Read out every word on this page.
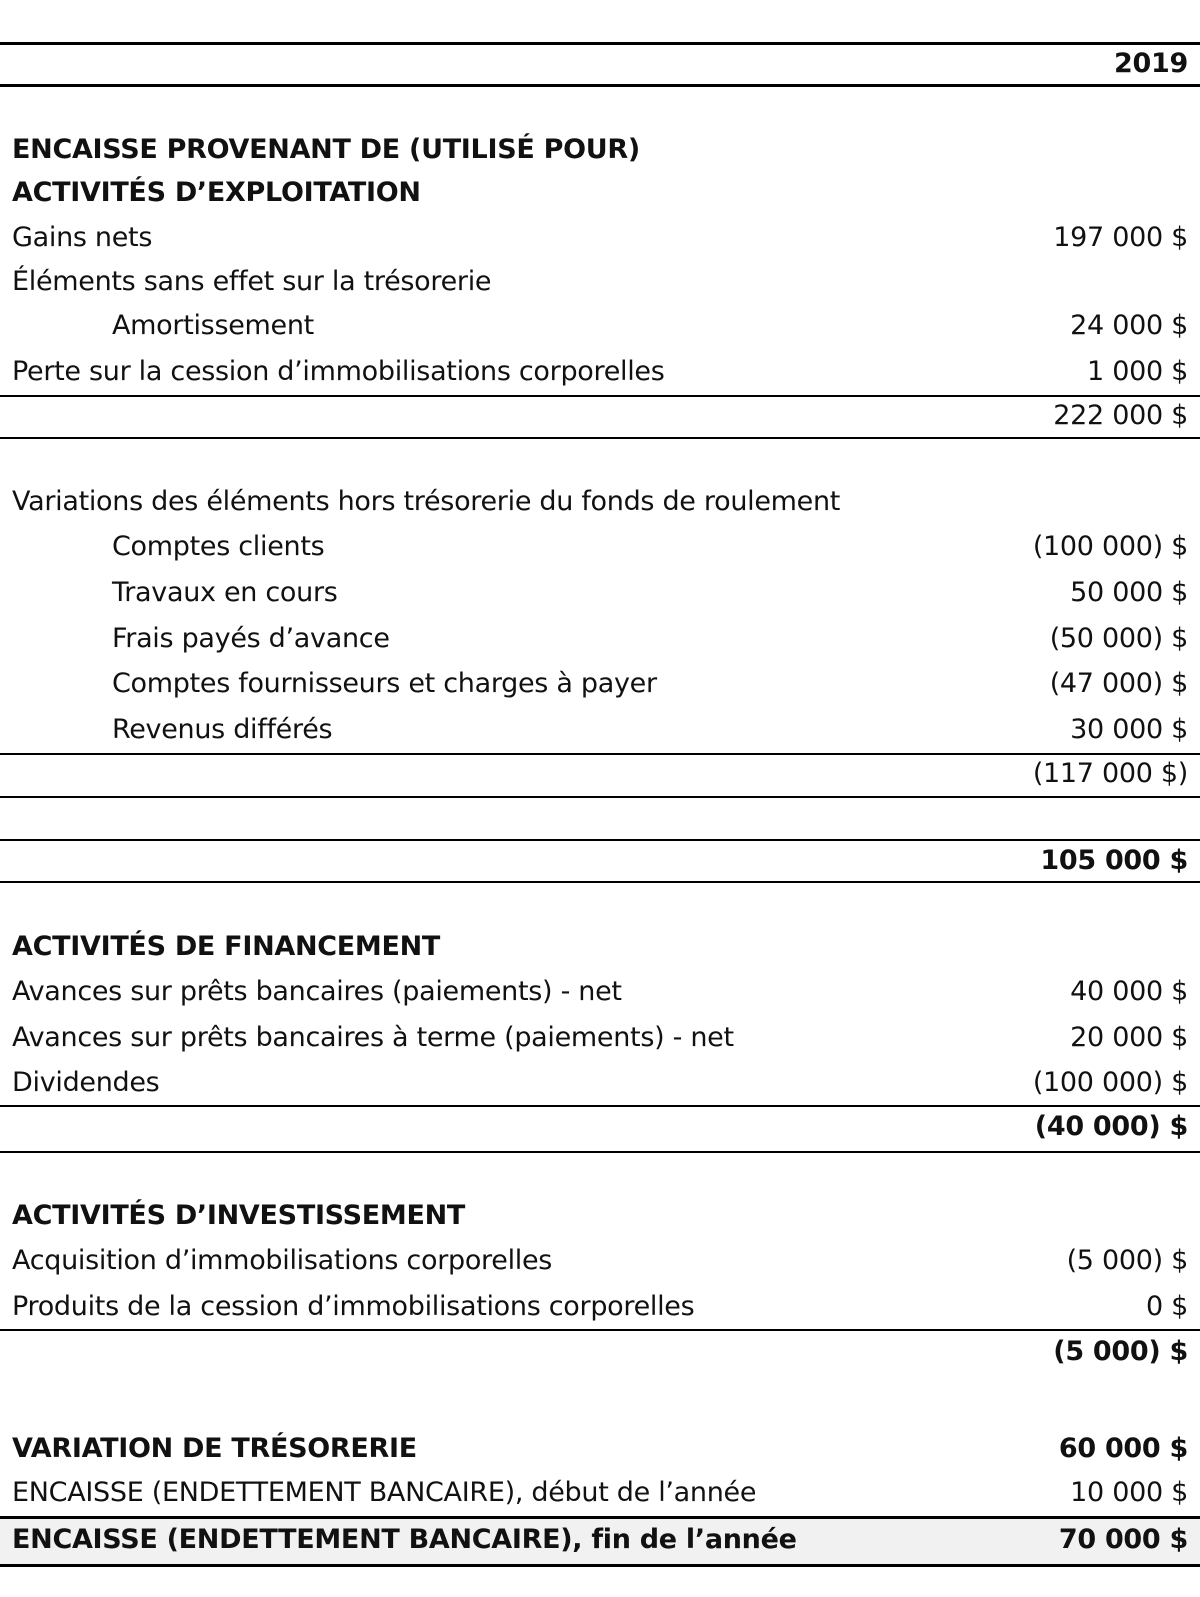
2019
ENCAISSE PROVENANT DE (UTILISÉ POUR)
ACTIVITÉS D’EXPLOITATION
Gains nets	197 000 $
Éléments sans effet sur la trésorerie
Amortissement	24 000 $
Perte sur la cession d’immobilisations corporelles	1 000 $
222 000 $
Variations des éléments hors trésorerie du fonds de roulement
Comptes clients	(100 000) $
Travaux en cours	50 000 $
Frais payés d’avance	(50 000) $
Comptes fournisseurs et charges à payer	(47 000) $
Revenus différés	30 000 $
(117 000 $)
105 000 $
ACTIVITÉS DE FINANCEMENT
Avances sur prêts bancaires (paiements) - net	40 000 $
Avances sur prêts bancaires à terme (paiements) - net	20 000 $
Dividendes	(100 000) $
(40 000) $
ACTIVITÉS D’INVESTISSEMENT
Acquisition d’immobilisations corporelles	(5 000) $
Produits de la cession d’immobilisations corporelles	0 $
(5 000) $
VARIATION DE TRÉSORERIE	60 000 $
ENCAISSE (ENDETTEMENT BANCAIRE), début de l’année	10 000 $
ENCAISSE (ENDETTEMENT BANCAIRE), fin de l’année	70 000 $
